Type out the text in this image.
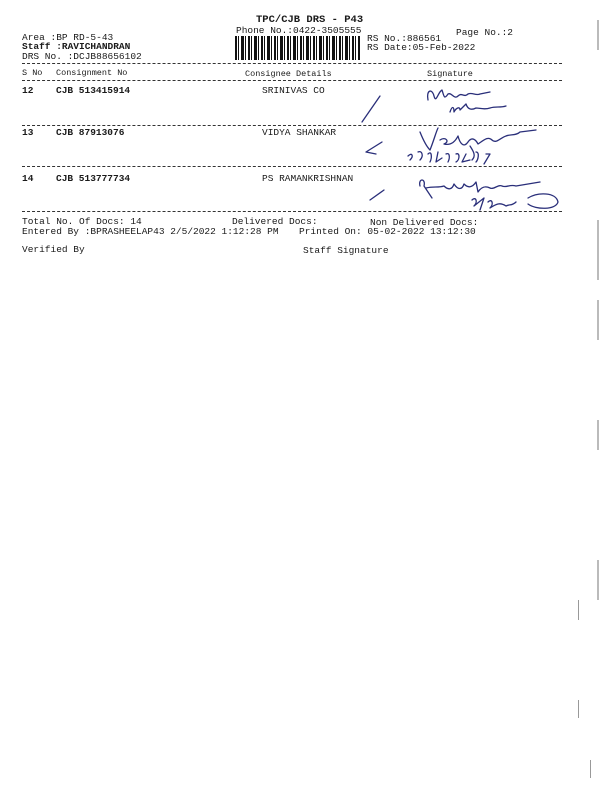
TPC/CJB DRS - P43
Phone No.:0422-3505555	Page No.:2
Area :BP RD-5-43
Staff :RAVICHANDRAN
DRS No. :DCJB88656102
RS No.:886561
RS Date:05-Feb-2022
S No Consignment No	Consignee Details	Signature
12 CJB 513415914	SRINIVAS CO
13 CJB 87913076	VIDYA SHANKAR
14 CJB 513777734	PS RAMANKRISHNAN
Total No. Of Docs: 14	Delivered Docs:	Non Delivered Docs:
Entered By :BPRASHEELAP43 2/5/2022 1:12:28 PM Printed On: 05-02-2022 13:12:30
Verified By	Staff Signature
